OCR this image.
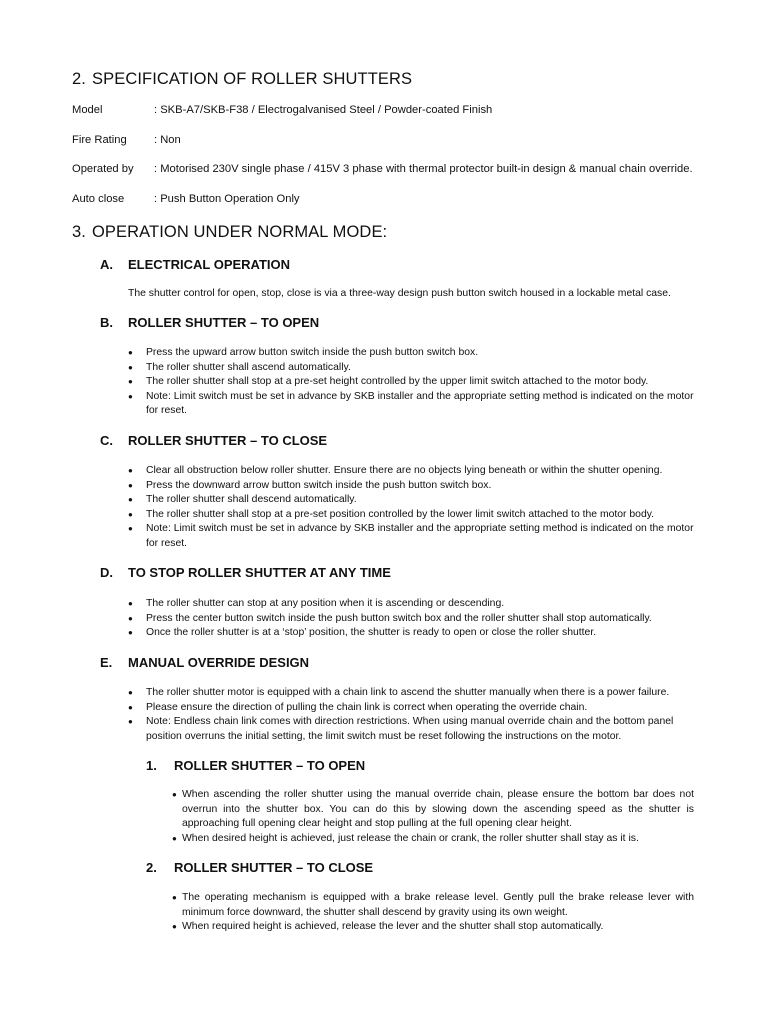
2. SPECIFICATION OF ROLLER SHUTTERS
Model	: SKB-A7/SKB-F38 / Electrogalvanised Steel / Powder-coated Finish
Fire Rating : Non
Operated by : Motorised 230V single phase / 415V 3 phase with thermal protector built-in design & manual chain override.
Auto close	: Push Button Operation Only
3. OPERATION UNDER NORMAL MODE:
A. ELECTRICAL OPERATION
The shutter control for open, stop, close is via a three-way design push button switch housed in a lockable metal case.
B. ROLLER SHUTTER – TO OPEN
● Press the upward arrow button switch inside the push button switch box.
● The roller shutter shall ascend automatically.
● The roller shutter shall stop at a pre-set height controlled by the upper limit switch attached to the motor body.
● Note: Limit switch must be set in advance by SKB installer and the appropriate setting method is indicated on the motor for reset.
C. ROLLER SHUTTER – TO CLOSE
● Clear all obstruction below roller shutter. Ensure there are no objects lying beneath or within the shutter opening.
● Press the downward arrow button switch inside the push button switch box.
● The roller shutter shall descend automatically.
● The roller shutter shall stop at a pre-set position controlled by the lower limit switch attached to the motor body.
● Note: Limit switch must be set in advance by SKB installer and the appropriate setting method is indicated on the motor for reset.
D. TO STOP ROLLER SHUTTER AT ANY TIME
● The roller shutter can stop at any position when it is ascending or descending.
● Press the center button switch inside the push button switch box and the roller shutter shall stop automatically.
● Once the roller shutter is at a ‘stop’ position, the shutter is ready to open or close the roller shutter.
E. MANUAL OVERRIDE DESIGN
● The roller shutter motor is equipped with a chain link to ascend the shutter manually when there is a power failure.
● Please ensure the direction of pulling the chain link is correct when operating the override chain.
● Note: Endless chain link comes with direction restrictions. When using manual override chain and the bottom panel position overruns the initial setting, the limit switch must be reset following the instructions on the motor.
1. ROLLER SHUTTER – TO OPEN
● When ascending the roller shutter using the manual override chain, please ensure the bottom bar does not overrun into the shutter box. You can do this by slowing down the ascending speed as the shutter is approaching full opening clear height and stop pulling at the full opening clear height.
● When desired height is achieved, just release the chain or crank, the roller shutter shall stay as it is.
2. ROLLER SHUTTER – TO CLOSE
● The operating mechanism is equipped with a brake release level. Gently pull the brake release lever with minimum force downward, the shutter shall descend by gravity using its own weight.
● When required height is achieved, release the lever and the shutter shall stop automatically.
